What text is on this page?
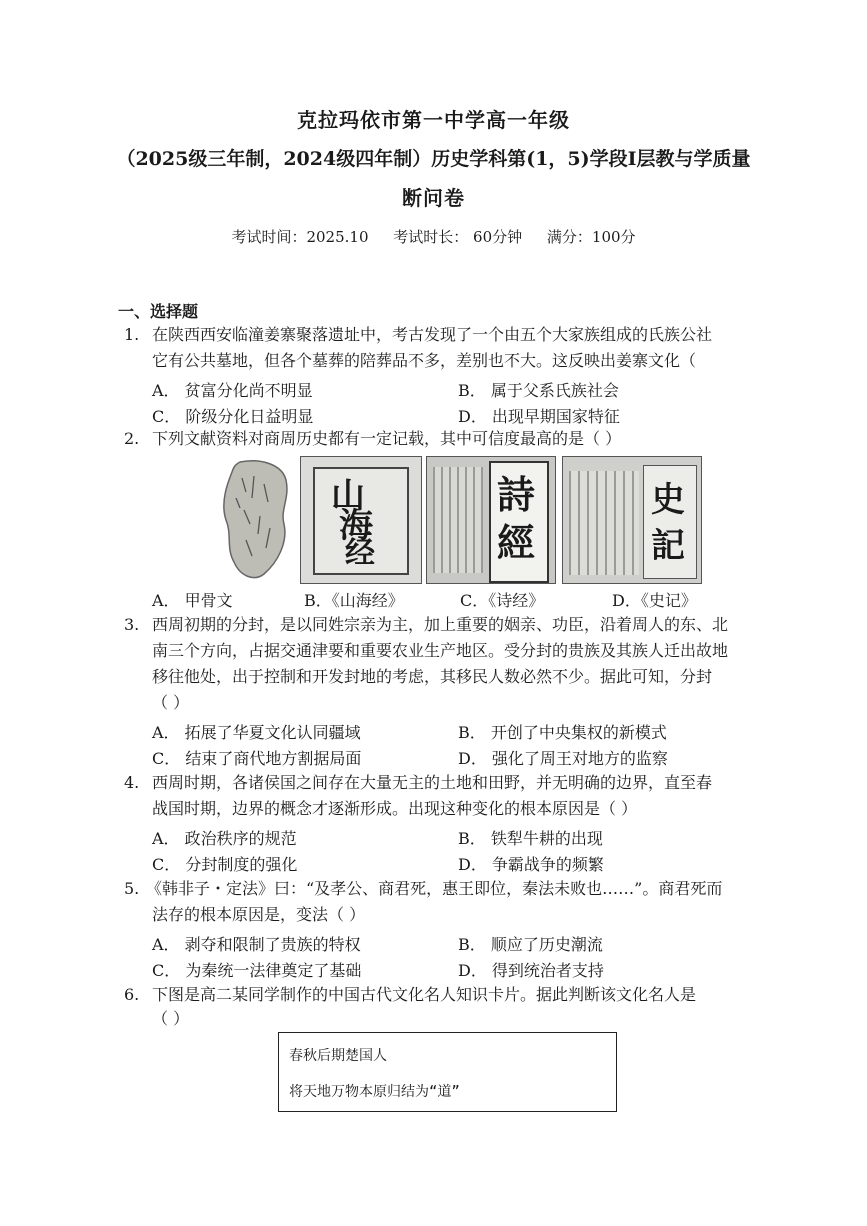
克拉玛依市第一中学高一年级
（2025级三年制，2024级四年制）历史学科第(1，5)学段Ⅰ层教与学质量
断问卷
考试时间：2025.10 考试时长： 60分钟 满分：100分
一、选择题
1. 在陕西西安临潼姜寨聚落遗址中，考古发现了一个由五个大家族组成的氏族公社
它有公共墓地，但各个墓葬的陪葬品不多，差别也不大。这反映出姜寨文化（
A． 贫富分化尚不明显	B． 属于父系氏族社会
C． 阶级分化日益明显	D． 出现早期国家特征
2. 下列文献资料对商周历史都有一定记载，其中可信度最高的是（ ）
山
海
经
詩
經
史
記
A． 甲骨文	B．《山海经》	C．《诗经》	D．《史记》
3. 西周初期的分封，是以同姓宗亲为主，加上重要的姻亲、功臣，沿着周人的东、北
南三个方向，占据交通津要和重要农业生产地区。受分封的贵族及其族人迁出故地
移往他处，出于控制和开发封地的考虑，其移民人数必然不少。据此可知，分封
（ ）
A． 拓展了华夏文化认同疆域	B． 开创了中央集权的新模式
C． 结束了商代地方割据局面	D． 强化了周王对地方的监察
4. 西周时期，各诸侯国之间存在大量无主的土地和田野，并无明确的边界，直至春
战国时期，边界的概念才逐渐形成。出现这种变化的根本原因是（ ）
A． 政治秩序的规范	B． 铁犁牛耕的出现
C． 分封制度的强化	D． 争霸战争的频繁
5. 《韩非子・定法》曰：“及孝公、商君死，惠王即位，秦法未败也……”。商君死而
法存的根本原因是，变法（ ）
A． 剥夺和限制了贵族的特权	B． 顺应了历史潮流
C． 为秦统一法律奠定了基础	D． 得到统治者支持
6. 下图是高二某同学制作的中国古代文化名人知识卡片。据此判断该文化名人是
（ ）
春秋后期楚国人
将天地万物本原归结为“道”
